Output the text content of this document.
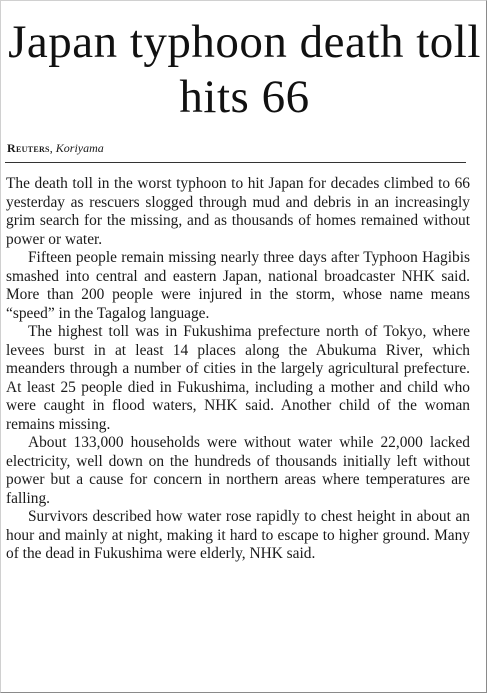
Japan typhoon death toll hits 66
Reuters, Koriyama

The death toll in the worst typhoon to hit Japan for decades climbed to 66 yesterday as rescuers slogged through mud and debris in an increasingly grim search for the missing, and as thousands of homes remained without power or water.

Fifteen people remain missing nearly three days after Typhoon Hagibis smashed into central and eastern Japan, national broadcaster NHK said. More than 200 people were injured in the storm, whose name means “speed” in the Tagalog language.

The highest toll was in Fukushima prefecture north of Tokyo, where levees burst in at least 14 places along the Abukuma River, which meanders through a number of cities in the largely agricultural prefecture. At least 25 people died in Fukushima, including a mother and child who were caught in flood waters, NHK said. Another child of the woman remains missing.

About 133,000 households were without water while 22,000 lacked electricity, well down on the hundreds of thousands initially left without power but a cause for concern in northern areas where temperatures are falling.

Survivors described how water rose rapidly to chest height in about an hour and mainly at night, making it hard to escape to higher ground. Many of the dead in Fukushima were elderly, NHK said.
